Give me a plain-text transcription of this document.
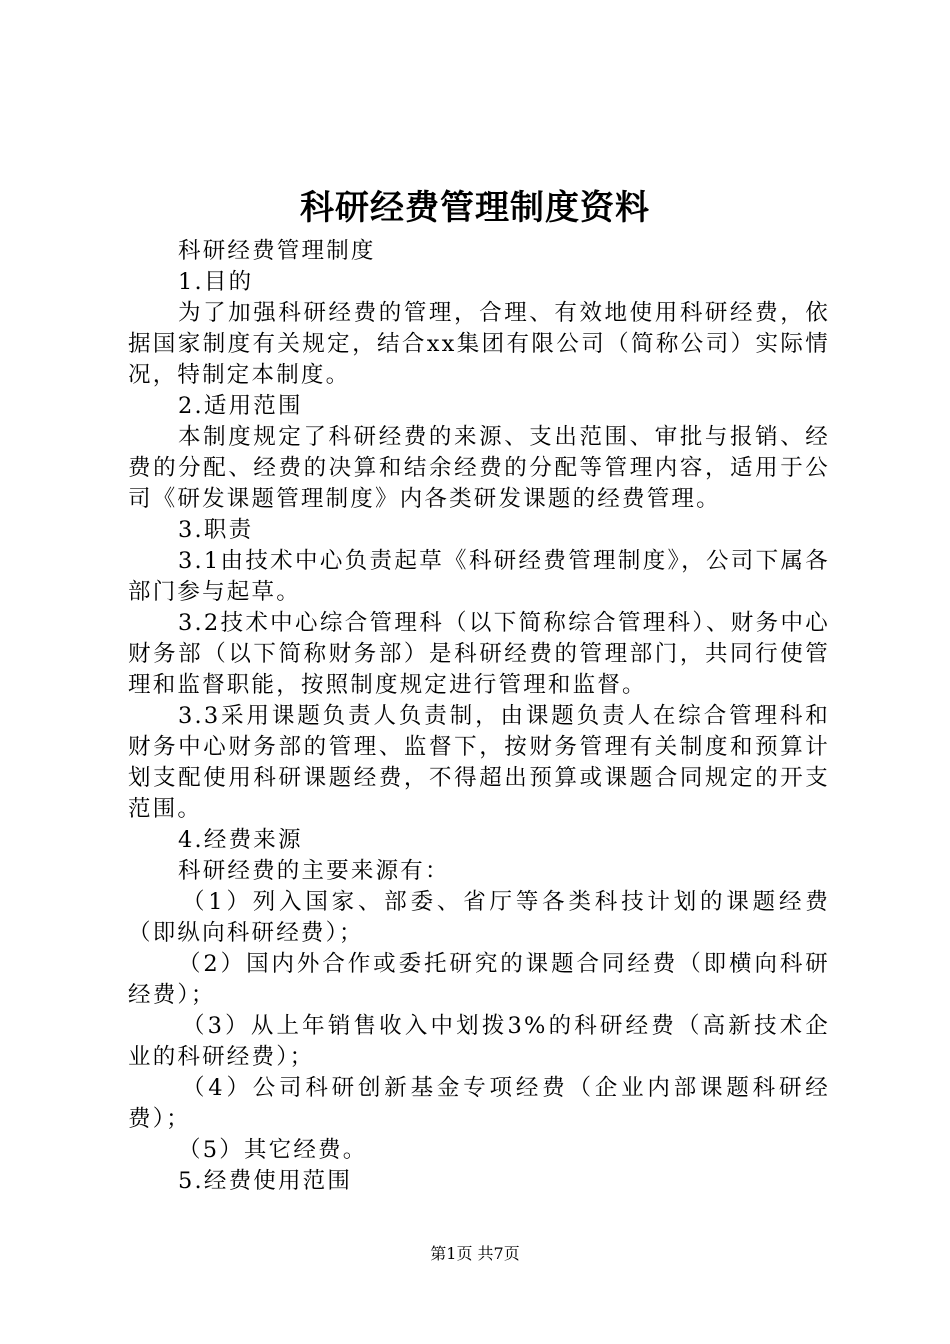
科研经费管理制度资料

科研经费管理制度

1.目的

为了加强科研经费的管理，合理、有效地使用科研经费，依据国家制度有关规定，结合xx集团有限公司（简称公司）实际情况，特制定本制度。

2.适用范围

本制度规定了科研经费的来源、支出范围、审批与报销、经费的分配、经费的决算和结余经费的分配等管理内容，适用于公司《研发课题管理制度》内各类研发课题的经费管理。

3.职责

3.1由技术中心负责起草《科研经费管理制度》，公司下属各部门参与起草。

3.2技术中心综合管理科（以下简称综合管理科）、财务中心财务部（以下简称财务部）是科研经费的管理部门，共同行使管理和监督职能，按照制度规定进行管理和监督。

3.3采用课题负责人负责制，由课题负责人在综合管理科和财务中心财务部的管理、监督下，按财务管理有关制度和预算计划支配使用科研课题经费，不得超出预算或课题合同规定的开支范围。

4.经费来源

科研经费的主要来源有：

（1）列入国家、部委、省厅等各类科技计划的课题经费（即纵向科研经费）；

（2）国内外合作或委托研究的课题合同经费（即横向科研经费）；

（3）从上年销售收入中划拨3%的科研经费（高新技术企业的科研经费）；

（4）公司科研创新基金专项经费（企业内部课题科研经费）；

（5）其它经费。

5.经费使用范围

第1页 共7页
